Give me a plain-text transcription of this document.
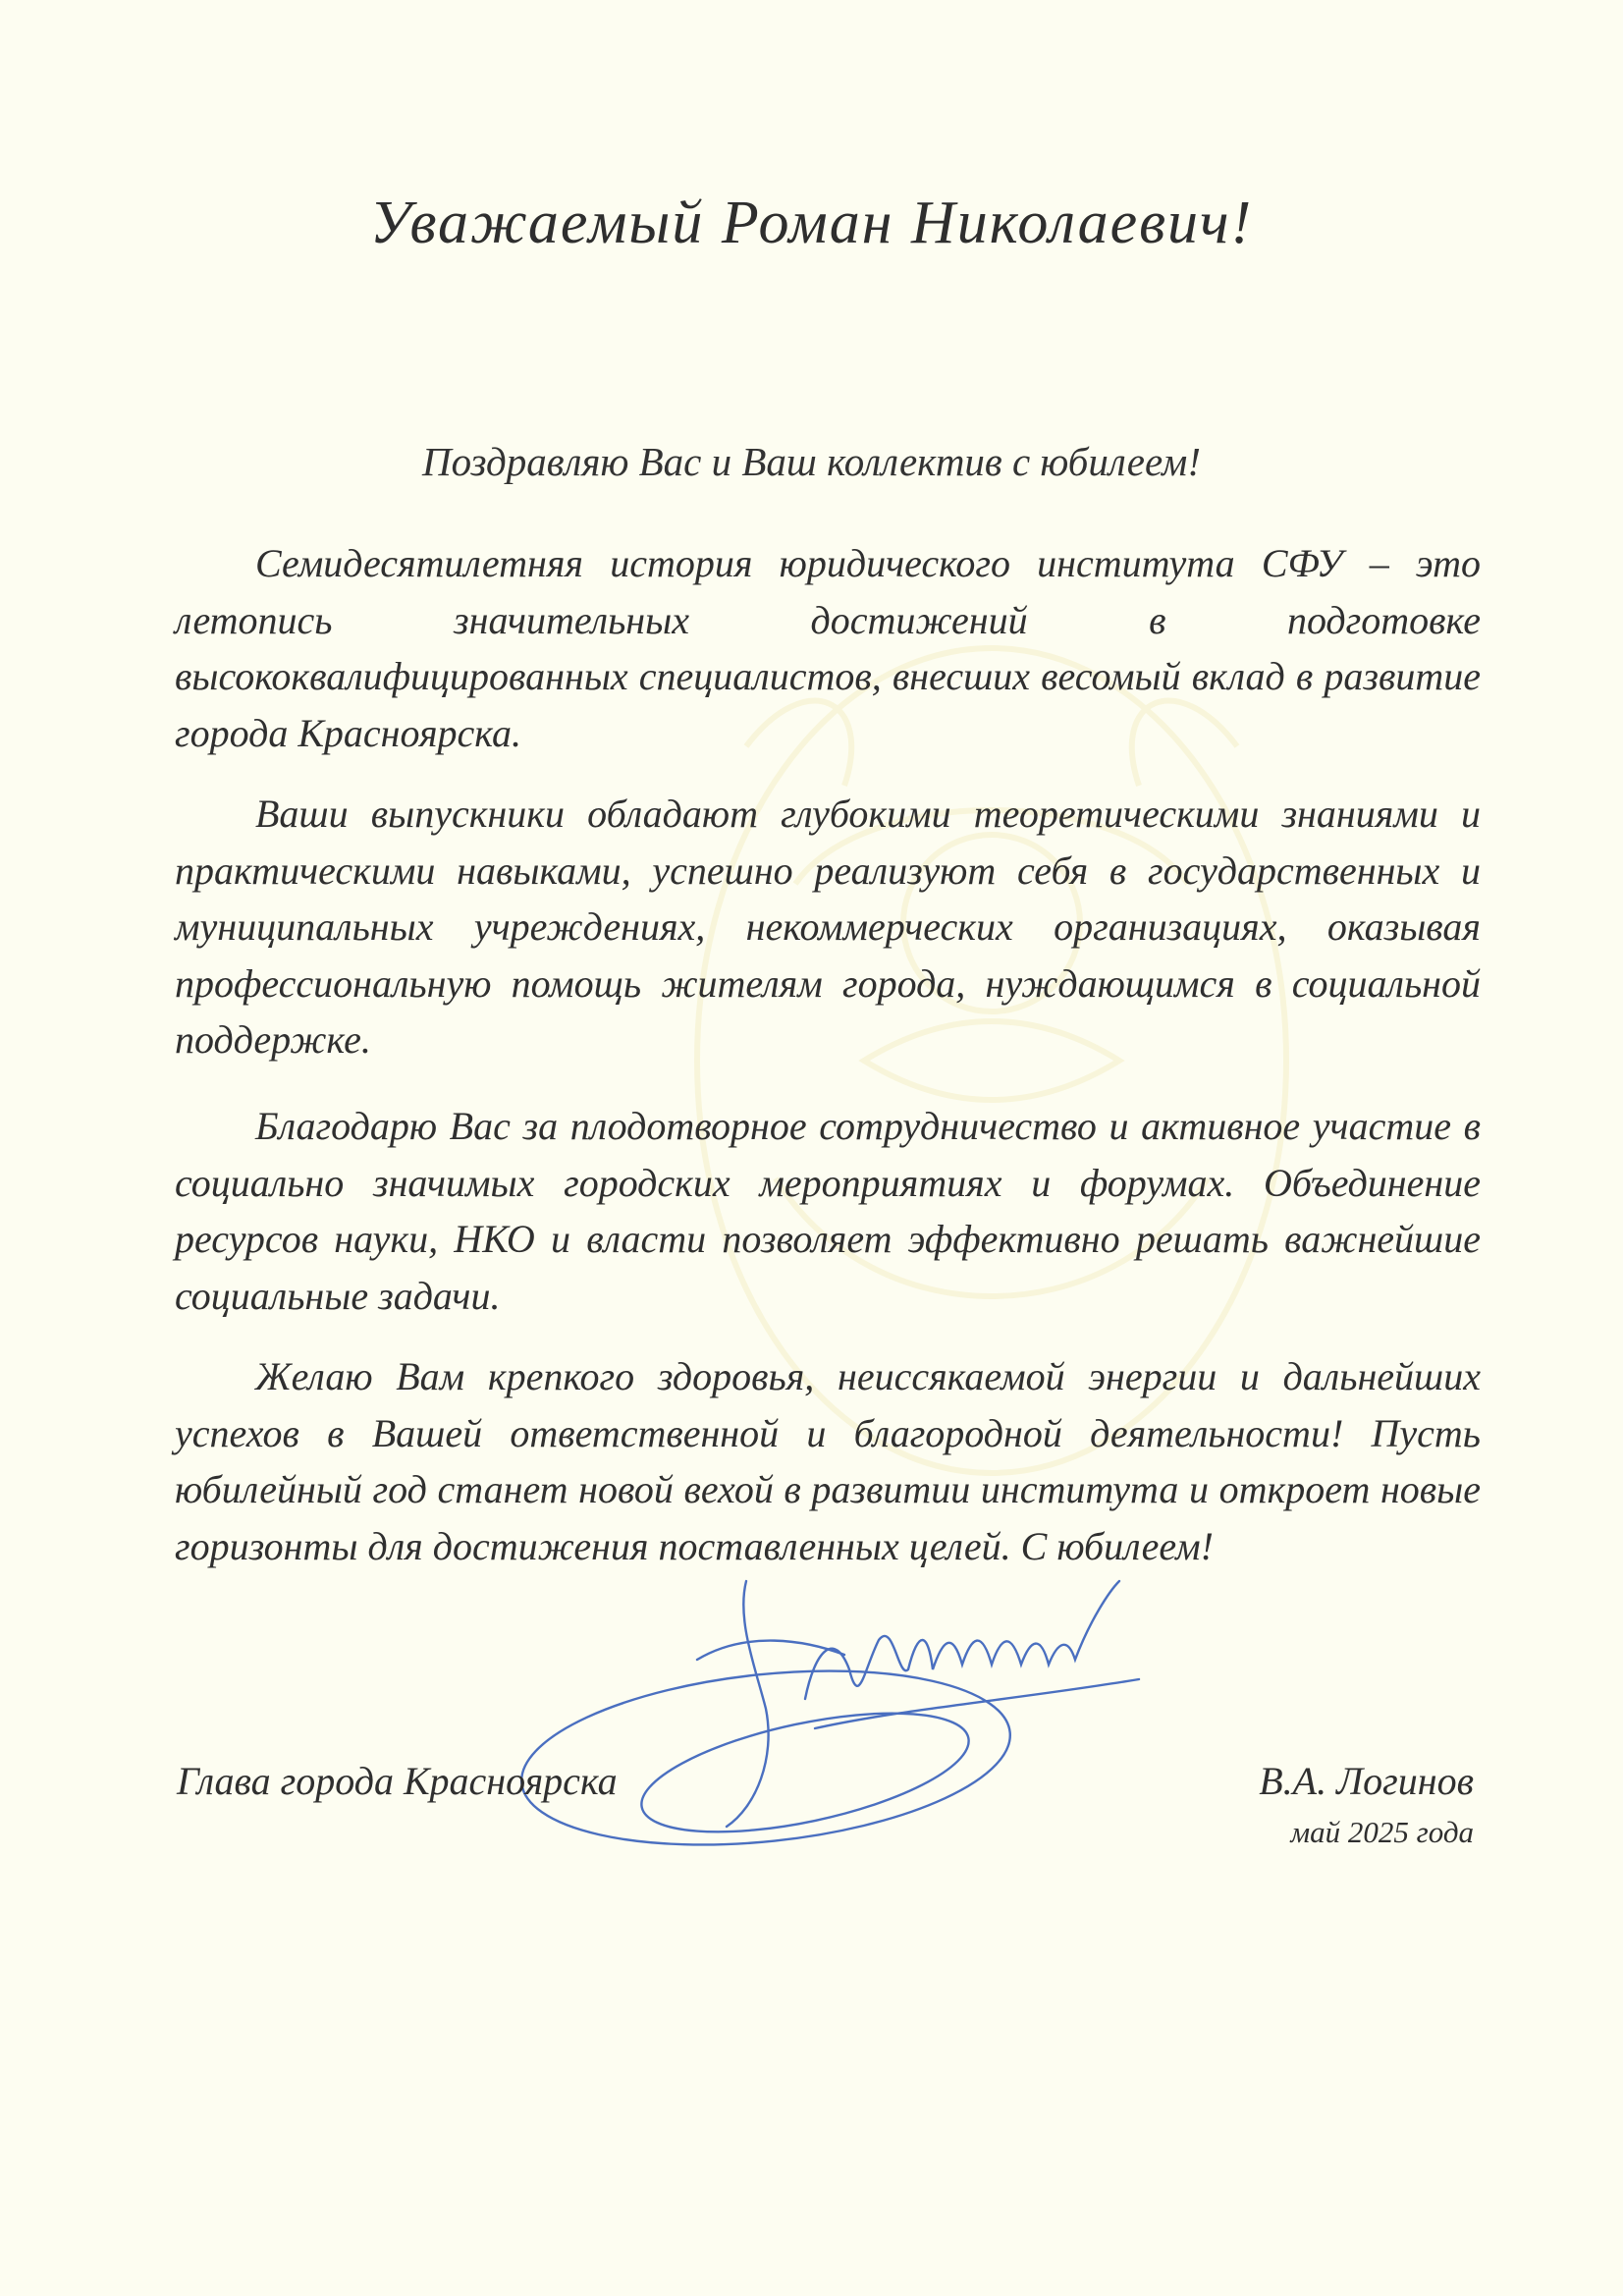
Уважаемый Роман Николаевич!
Поздравляю Вас и Ваш коллектив с юбилеем!

Семидесятилетняя история юридического института СФУ – это летопись значительных достижений в подготовке высококвалифицированных специалистов, внесших весомый вклад в развитие города Красноярска.

Ваши выпускники обладают глубокими теоретическими знаниями и практическими навыками, успешно реализуют себя в государственных и муниципальных учреждениях, некоммерческих организациях, оказывая профессиональную помощь жителям города, нуждающимся в социальной поддержке.

Благодарю Вас за плодотворное сотрудничество и активное участие в социально значимых городских мероприятиях и форумах. Объединение ресурсов науки, НКО и власти позволяет эффективно решать важнейшие социальные задачи.

Желаю Вам крепкого здоровья, неиссякаемой энергии и дальнейших успехов в Вашей ответственной и благородной деятельности! Пусть юбилейный год станет новой вехой в развитии института и откроет новые горизонты для достижения поставленных целей. С юбилеем!

Глава города Красноярска	В.А. Логинов
май 2025 года
